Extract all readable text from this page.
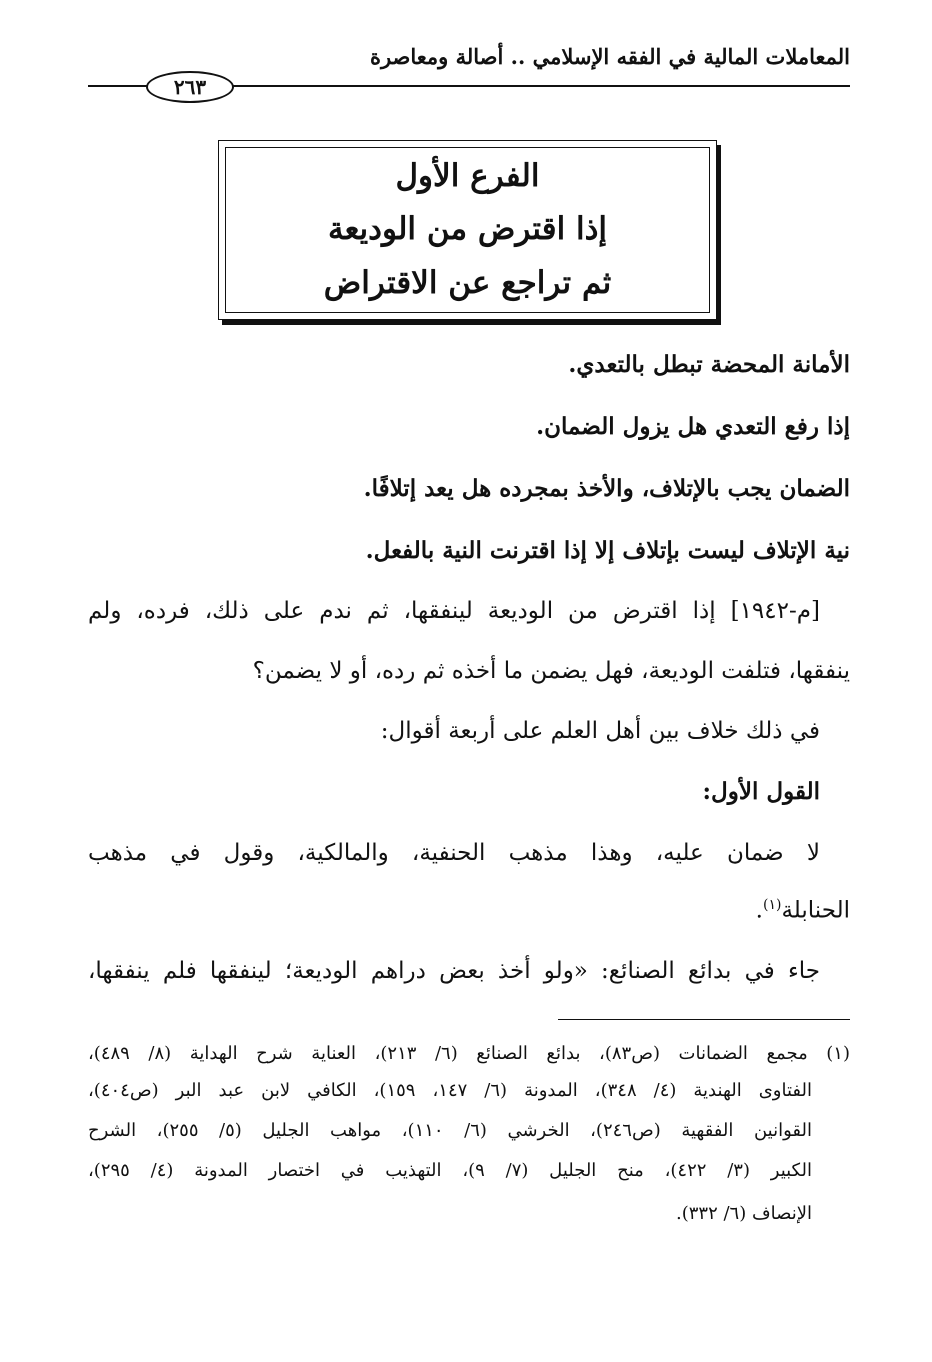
المعاملات المالية في الفقه الإسلامي .. أصالة ومعاصرة
٢٦٣
الفرع الأول
إذا اقترض من الوديعة
ثم تراجع عن الاقتراض
الأمانة المحضة تبطل بالتعدي.
إذا رفع التعدي هل يزول الضمان.
الضمان يجب بالإتلاف، والأخذ بمجرده هل يعد إتلافًا.
نية الإتلاف ليست بإتلاف إلا إذا اقترنت النية بالفعل.
[م-١٩٤٢] إذا اقترض من الوديعة لينفقها، ثم ندم على ذلك، فرده، ولم
ينفقها، فتلفت الوديعة، فهل يضمن ما أخذه ثم رده، أو لا يضمن؟
في ذلك خلاف بين أهل العلم على أربعة أقوال:
القول الأول:
لا ضمان عليه، وهذا مذهب الحنفية، والمالكية، وقول في مذهب
الحنابلة$^{(١)}$.
جاء في بدائع الصنائع: «ولو أخذ بعض دراهم الوديعة؛ لينفقها فلم ينفقها،
(١) مجمع الضمانات (ص٨٣)، بدائع الصنائع (٦/ ٢١٣)، العناية شرح الهداية (٨/ ٤٨٩)،
الفتاوى الهندية (٤/ ٣٤٨)، المدونة (٦/ ١٤٧، ١٥٩)، الكافي لابن عبد البر (ص٤٠٤)،
القوانين الفقهية (ص٢٤٦)، الخرشي (٦/ ١١٠)، مواهب الجليل (٥/ ٢٥٥)، الشرح
الكبير (٣/ ٤٢٢)، منح الجليل (٧/ ٩)، التهذيب في اختصار المدونة (٤/ ٢٩٥)،
الإنصاف (٦/ ٣٣٢).
